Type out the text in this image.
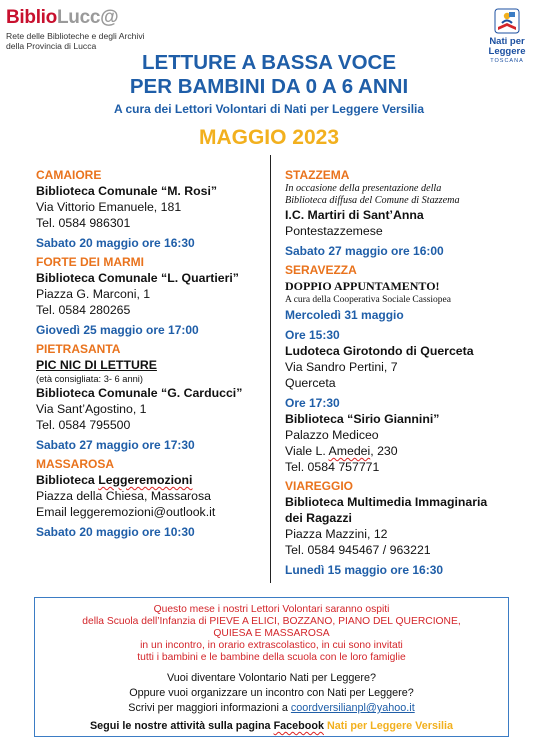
BiblioLucc@
Rete delle Biblioteche e degli Archivi
della Provincia di Lucca	Nati per
Leggere
TOSCANA
LETTURE A BASSA VOCE
PER BAMBINI DA 0 A 6 ANNI
A cura dei Lettori Volontari di Nati per Leggere Versilia
MAGGIO 2023
CAMAIORE
Biblioteca Comunale “M. Rosi”
Via Vittorio Emanuele, 181
Tel. 0584 986301
Sabato 20 maggio ore 16:30
FORTE DEI MARMI
Biblioteca Comunale “L. Quartieri”
Piazza G. Marconi, 1
Tel. 0584 280265
Giovedì 25 maggio ore 17:00
PIETRASANTA
PIC NIC DI LETTURE
(età consigliata: 3- 6 anni)
Biblioteca Comunale “G. Carducci”
Via Sant’Agostino, 1
Tel. 0584 795500
Sabato 27 maggio ore 17:30
MASSAROSA
Biblioteca Leggeremozioni
Piazza della Chiesa, Massarosa
Email leggeremozioni@outlook.it
Sabato 20 maggio ore 10:30
STAZZEMA
In occasione della presentazione della
Biblioteca diffusa del Comune di Stazzema
I.C. Martiri di Sant’Anna
Pontestazzemese
Sabato 27 maggio ore 16:00
SERAVEZZA
DOPPIO APPUNTAMENTO!
A cura della Cooperativa Sociale Cassiopea
Mercoledì 31 maggio
Ore 15:30
Ludoteca Girotondo di Querceta
Via Sandro Pertini, 7
Querceta
Ore 17:30
Biblioteca “Sirio Giannini”
Palazzo Mediceo
Viale L. Amedei, 230
Tel. 0584 757771
VIAREGGIO
Biblioteca Multimedia Immaginaria
dei Ragazzi
Piazza Mazzini, 12
Tel. 0584 945467 / 963221
Lunedì 15 maggio ore 16:30
Questo mese i nostri Lettori Volontari saranno ospiti
della Scuola dell’Infanzia di PIEVE A ELICI, BOZZANO, PIANO DEL QUERCIONE,
QUIESA E MASSAROSA
in un incontro, in orario extrascolastico, in cui sono invitati
tutti i bambini e le bambine della scuola con le loro famiglie
Vuoi diventare Volontario Nati per Leggere?
Oppure vuoi organizzare un incontro con Nati per Leggere?
Scrivi per maggiori informazioni a coordversilianpl@yahoo.it
Segui le nostre attività sulla pagina Facebook Nati per Leggere Versilia
